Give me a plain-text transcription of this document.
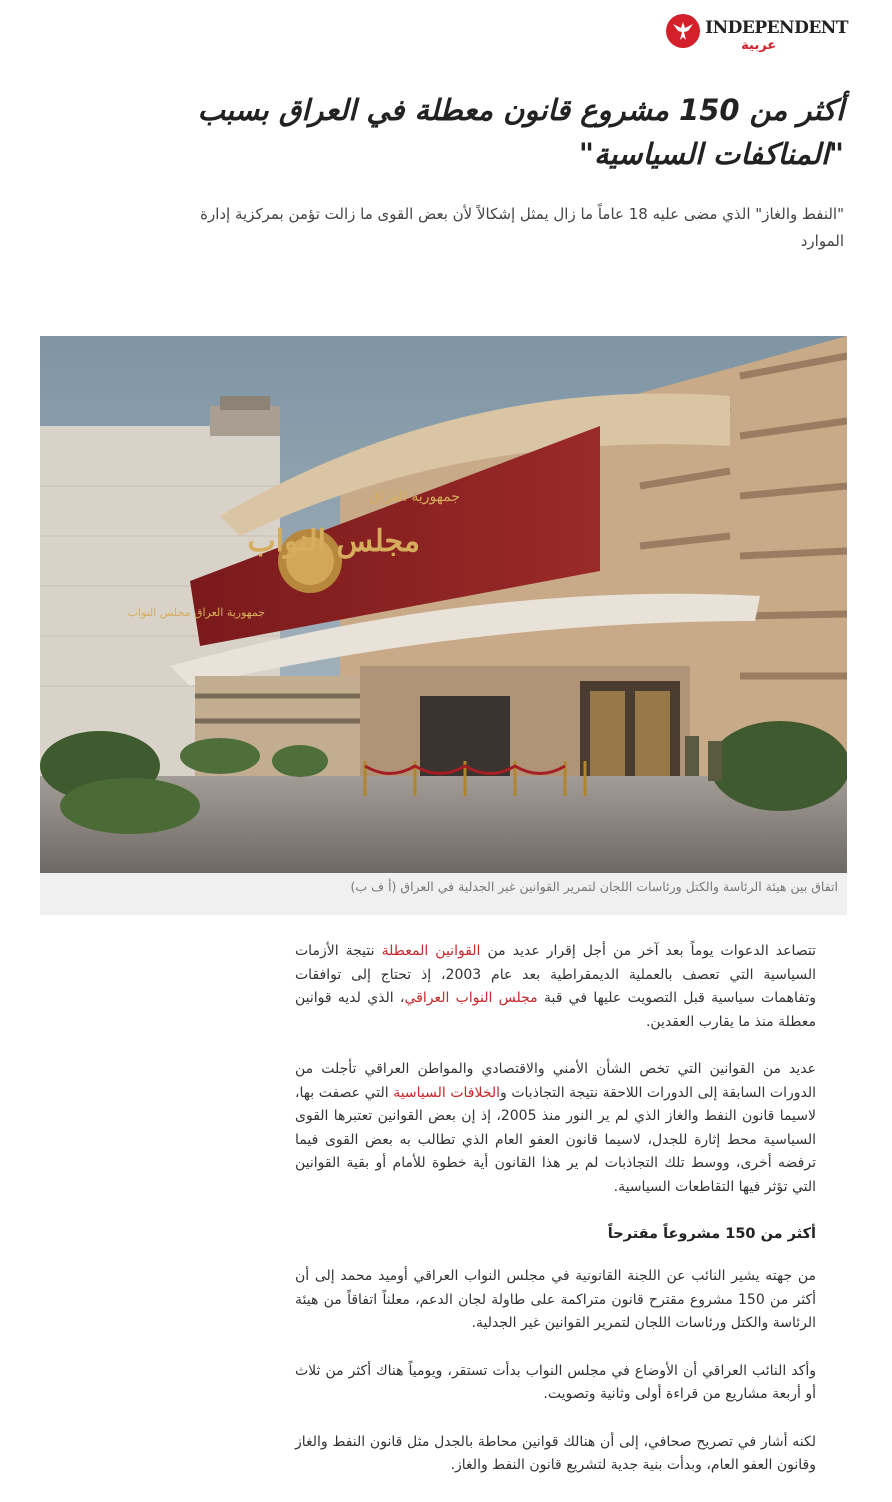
INDEPENDENT
عربية
أكثر من 150 مشروع قانون معطلة في العراق بسبب "المناكفات السياسية"

"النفط والغاز" الذي مضى عليه 18 عاماً ما زال يمثل إشكالاً لأن بعض القوى ما زالت تؤمن بمركزية إدارة الموارد

مجلس النواب
جمهورية العراق
جمهورية العراق مجلس النواب

اتفاق بين هيئة الرئاسة والكتل ورئاسات اللجان لتمرير القوانين غير الجدلية في العراق (أ ف ب)

تتصاعد الدعوات يوماً بعد آخر من أجل إقرار عديد من القوانين المعطلة نتيجة الأزمات السياسية التي تعصف بالعملية الديمقراطية بعد عام 2003، إذ تحتاج إلى توافقات وتفاهمات سياسية قبل التصويت عليها في قبة مجلس النواب العراقي، الذي لديه قوانين معطلة منذ ما يقارب العقدين.

عديد من القوانين التي تخص الشأن الأمني والاقتصادي والمواطن العراقي تأجلت من الدورات السابقة إلى الدورات اللاحقة نتيجة التجاذبات والخلافات السياسية التي عصفت بها، لاسيما قانون النفط والغاز الذي لم ير النور منذ 2005، إذ إن بعض القوانين تعتبرها القوى السياسية محط إثارة للجدل، لاسيما قانون العفو العام الذي تطالب به بعض القوى فيما ترفضه أخرى، ووسط تلك التجاذبات لم ير هذا القانون أية خطوة للأمام أو بقية القوانين التي تؤثر فيها التقاطعات السياسية.

أكثر من 150 مشروعاً مقترحاً

من جهته يشير النائب عن اللجنة القانونية في مجلس النواب العراقي أوميد محمد إلى أن أكثر من 150 مشروع مقترح قانون متراكمة على طاولة لجان الدعم، معلناً اتفاقاً من هيئة الرئاسة والكتل ورئاسات اللجان لتمرير القوانين غير الجدلية.

وأكد النائب العراقي أن الأوضاع في مجلس النواب بدأت تستقر، ويومياً هناك أكثر من ثلاث أو أربعة مشاريع من قراءة أولى وثانية وتصويت.

لكنه أشار في تصريح صحافي، إلى أن هنالك قوانين محاطة بالجدل مثل قانون النفط والغاز وقانون العفو العام، وبدأت بنية جدية لتشريع قانون النفط والغاز.
